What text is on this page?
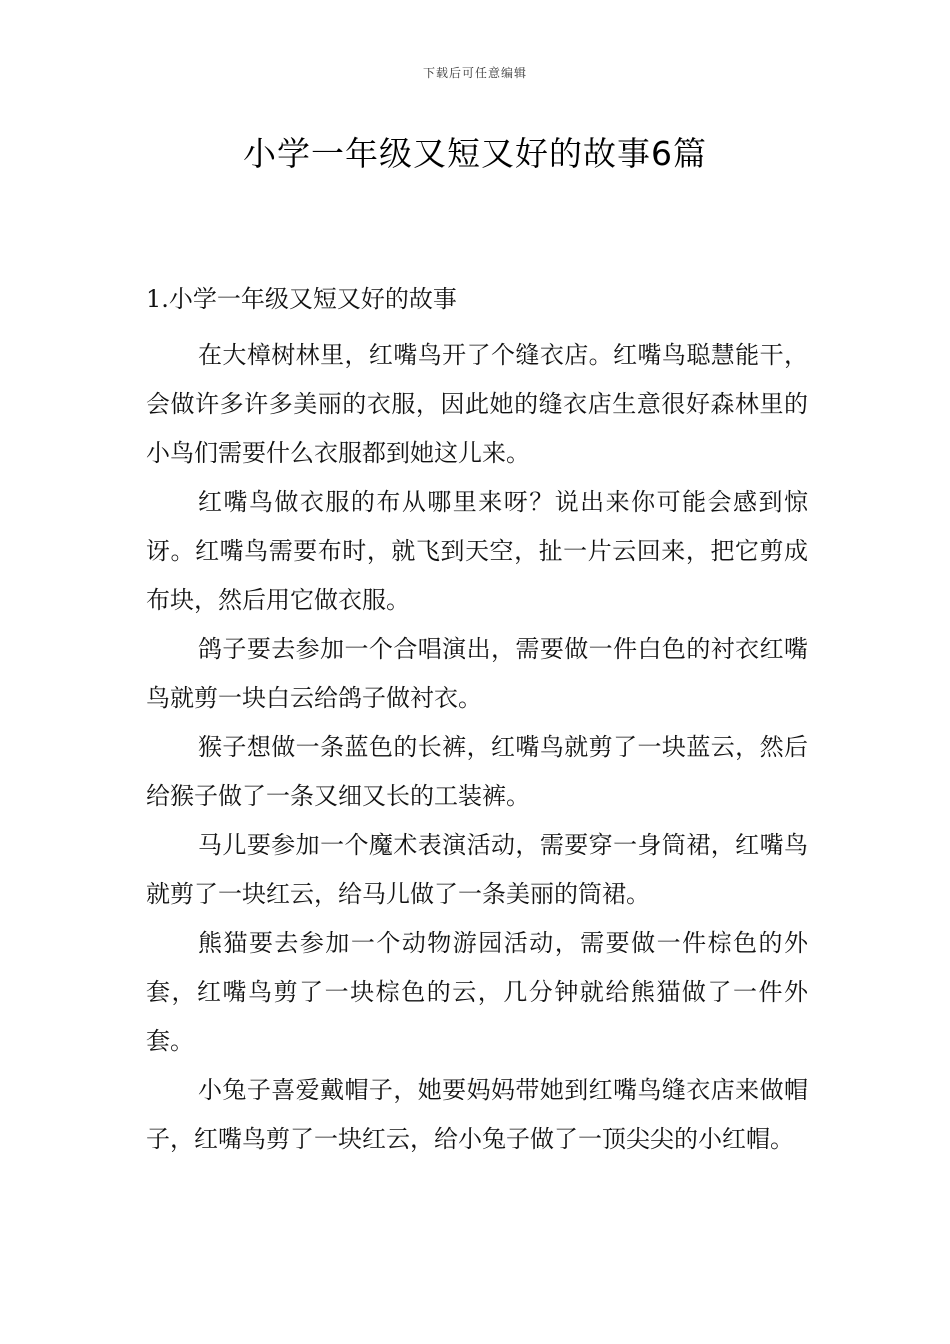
下载后可任意编辑
小学一年级又短又好的故事6篇

1.小学一年级又短又好的故事

在大樟树林里，红嘴鸟开了个缝衣店。红嘴鸟聪慧能干，会做许多许多美丽的衣服，因此她的缝衣店生意很好森林里的小鸟们需要什么衣服都到她这儿来。

红嘴鸟做衣服的布从哪里来呀？说出来你可能会感到惊讶。红嘴鸟需要布时，就飞到天空，扯一片云回来，把它剪成布块，然后用它做衣服。

鸽子要去参加一个合唱演出，需要做一件白色的衬衣红嘴鸟就剪一块白云给鸽子做衬衣。

猴子想做一条蓝色的长裤，红嘴鸟就剪了一块蓝云，然后给猴子做了一条又细又长的工装裤。

马儿要参加一个魔术表演活动，需要穿一身筒裙，红嘴鸟就剪了一块红云，给马儿做了一条美丽的筒裙。

熊猫要去参加一个动物游园活动，需要做一件棕色的外套，红嘴鸟剪了一块棕色的云，几分钟就给熊猫做了一件外套。

小兔子喜爱戴帽子，她要妈妈带她到红嘴鸟缝衣店来做帽子，红嘴鸟剪了一块红云，给小兔子做了一顶尖尖的小红帽。
